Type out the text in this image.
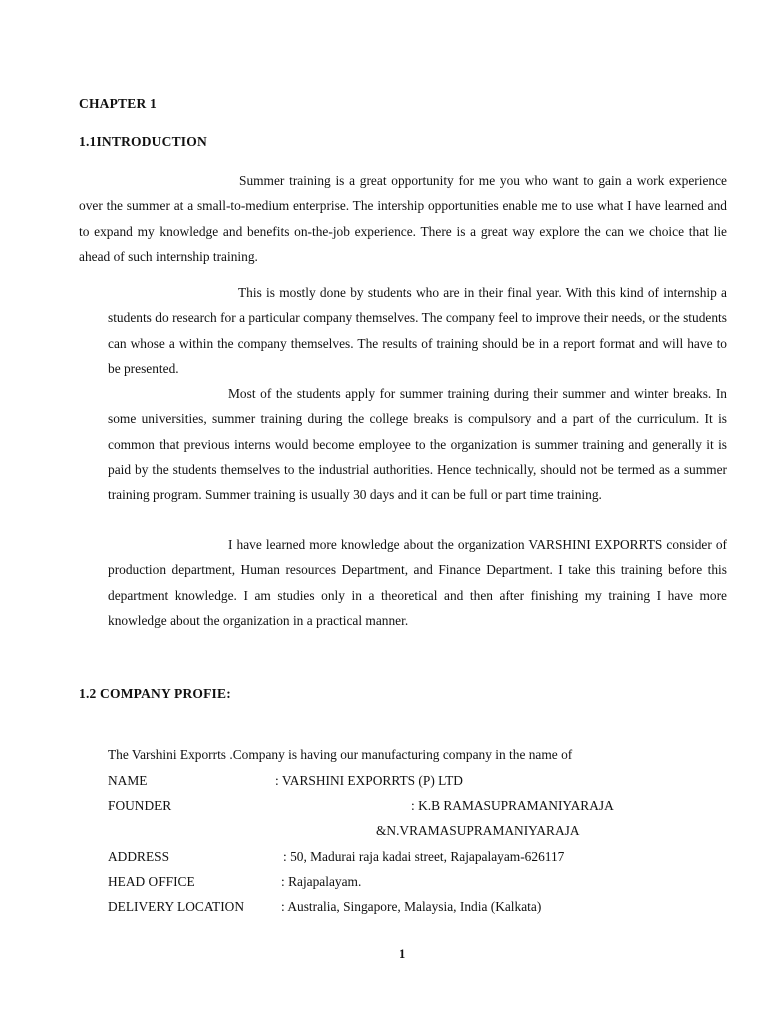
CHAPTER 1
1.1INTRODUCTION

Summer training is a great opportunity for me you who want to gain a work experience over the summer at a small-to-medium enterprise. The intership opportunities enable me to use what I have learned and to expand my knowledge and benefits on-the-job experience. There is a great way explore the can we choice that lie ahead of such internship training.

This is mostly done by students who are in their final year. With this kind of internship a students do research for a particular company themselves. The company feel to improve their needs, or the students can whose a within the company themselves. The results of training should be in a report format and will have to be presented.

Most of the students apply for summer training during their summer and winter breaks. In some universities, summer training during the college breaks is compulsory and a part of the curriculum. It is common that previous interns would become employee to the organization is summer training and generally it is paid by the students themselves to the industrial authorities. Hence technically, should not be termed as a summer training program. Summer training is usually 30 days and it can be full or part time training.

I have learned more knowledge about the organization VARSHINI EXPORRTS consider of production department, Human resources Department, and Finance Department. I take this training before this department knowledge. I am studies only in a theoretical and then after finishing my training I have more knowledge about the organization in a practical manner.

1.2 COMPANY PROFIE:
The Varshini Exporrts .Company is having our manufacturing company in the name of
NAME	: VARSHINI EXPORRTS (P) LTD
FOUNDER	: K.B RAMASUPRAMANIYARAJA
&N.VRAMASUPRAMANIYARAJA
ADDRESS	: 50, Madurai raja kadai street, Rajapalayam-626117
HEAD OFFICE	: Rajapalayam.
DELIVERY LOCATION	: Australia, Singapore, Malaysia, India (Kalkata)
1
